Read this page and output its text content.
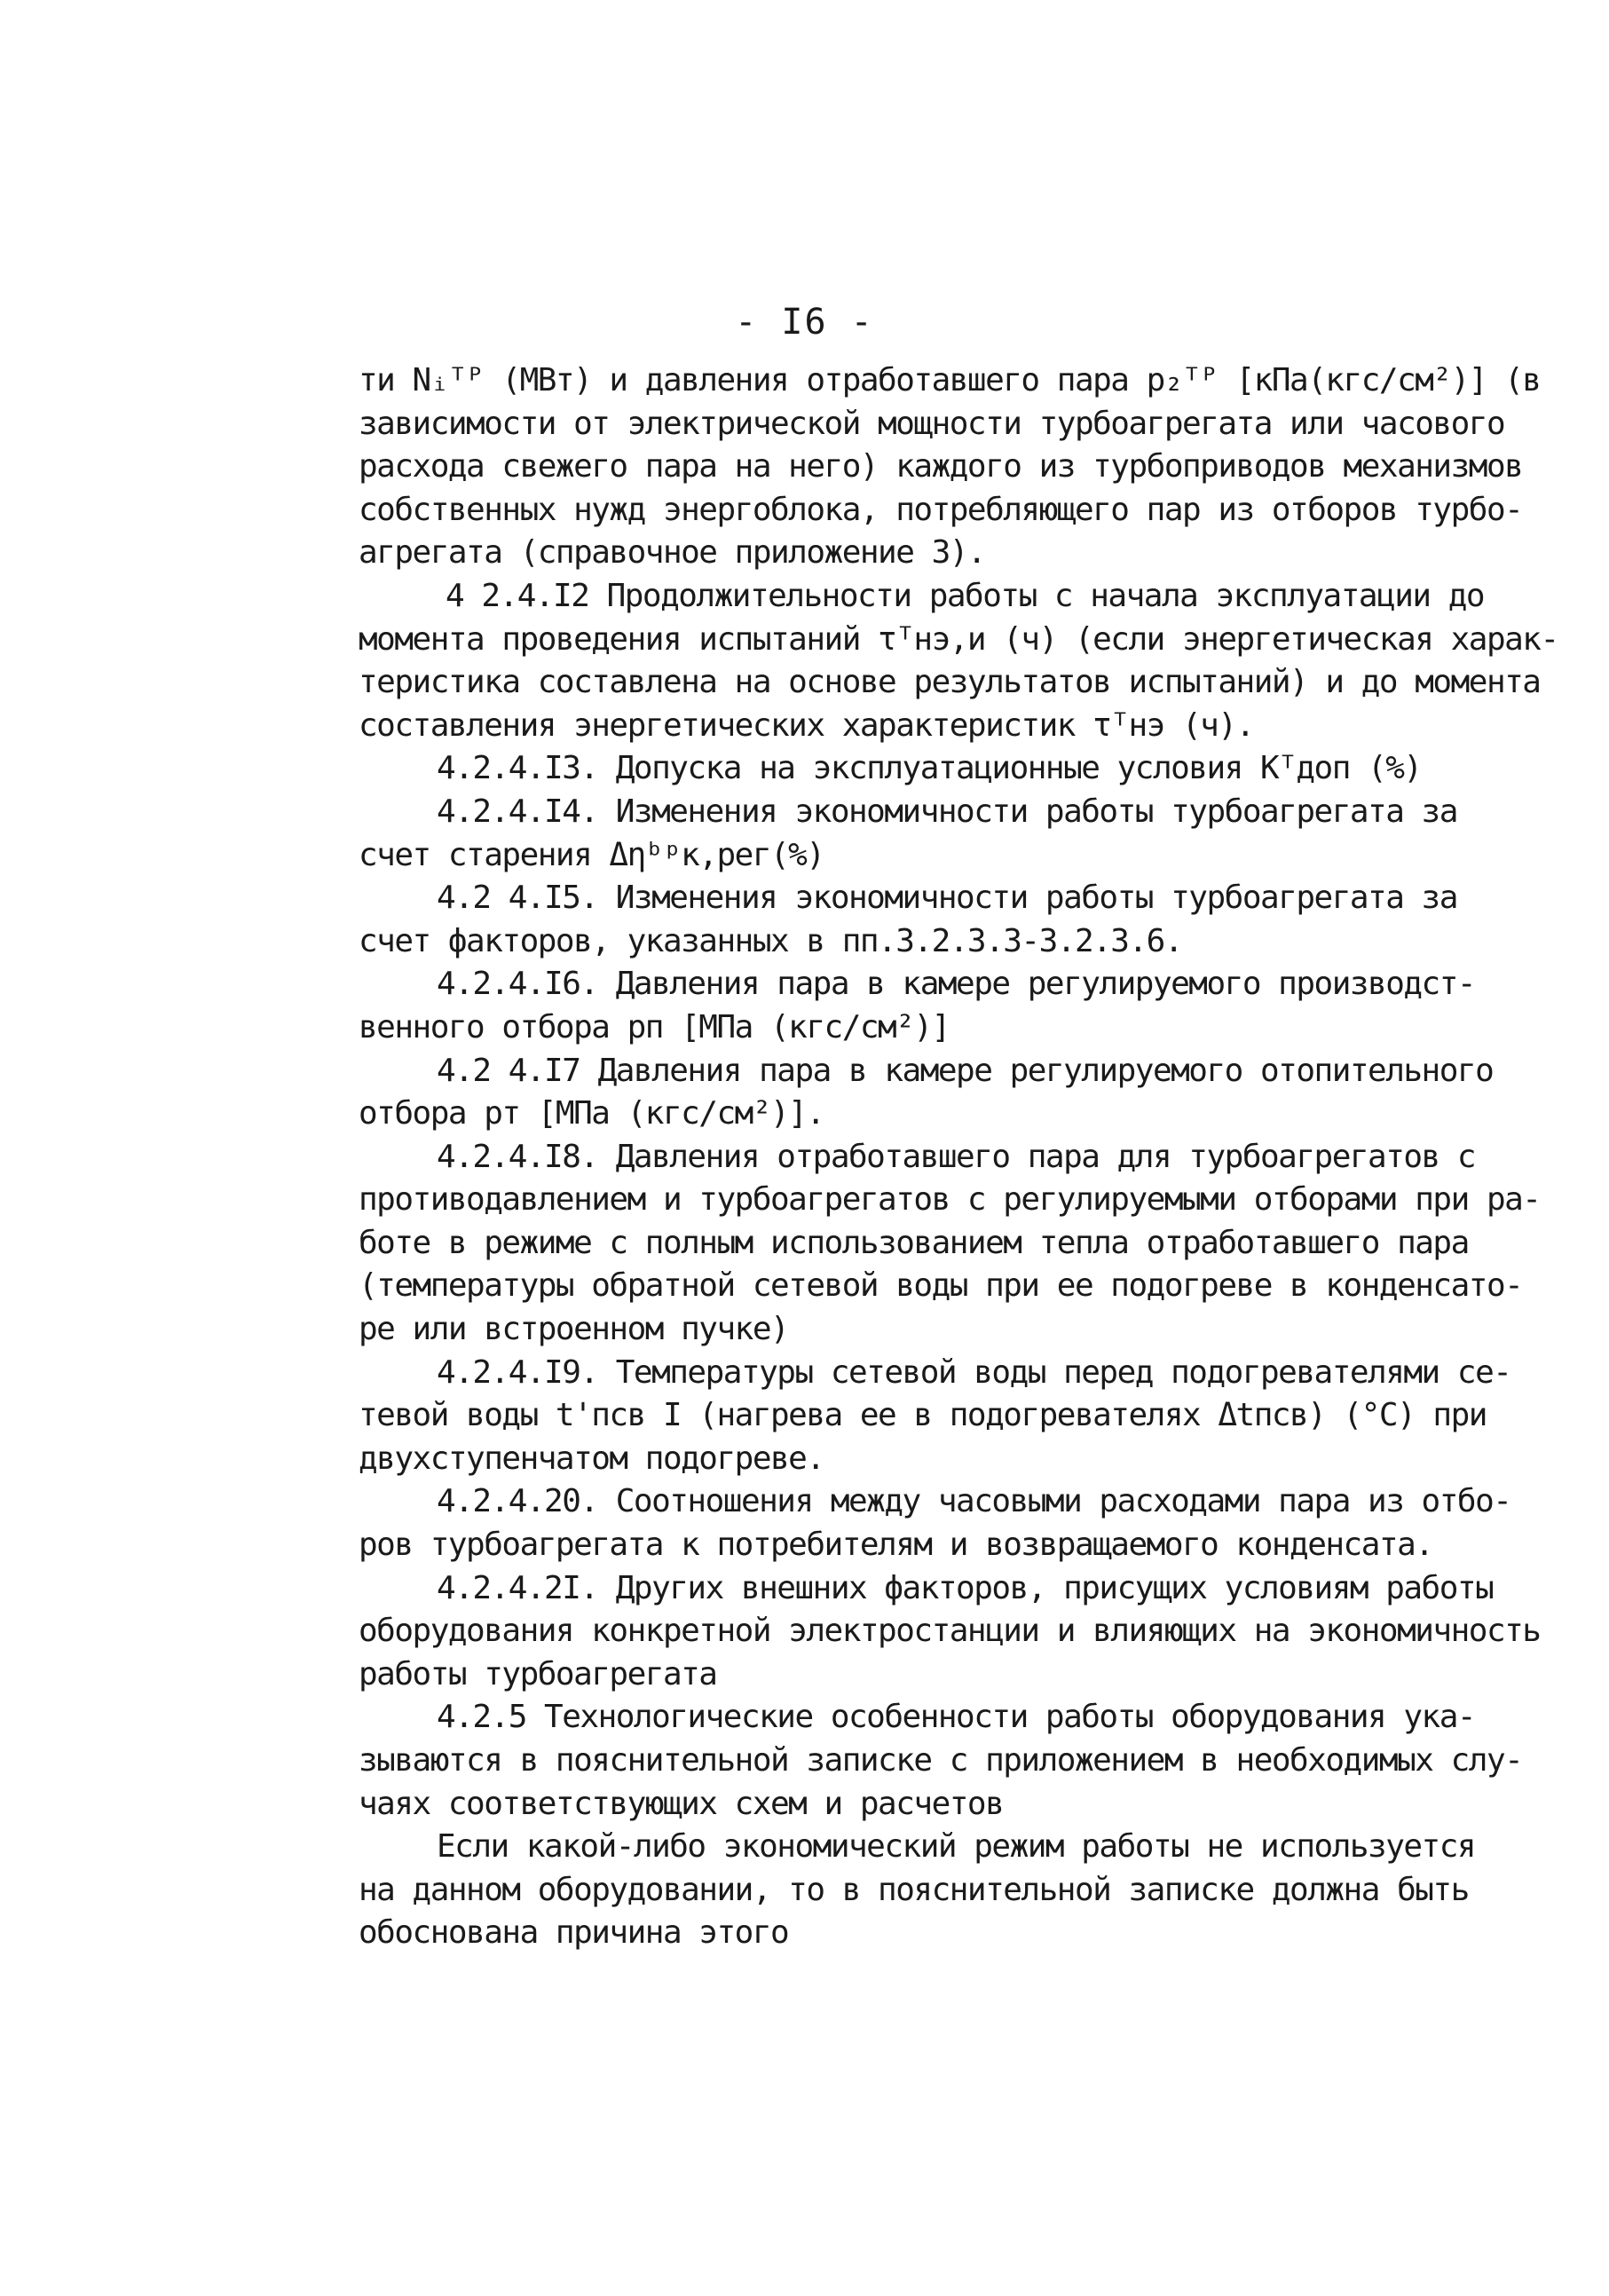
- I6 -
ти Nᵢᵀᴾ (МВт) и давления отработавшего пара p₂ᵀᴾ [кПа(кгс/см²)] (в
зависимости от электрической мощности турбоагрегата или часового
расхода свежего пара на него) каждого из турбоприводов механизмов
собственных нужд энергоблока, потребляющего пар из отборов турбо-
агрегата (справочное приложение 3).
4 2.4.I2 Продолжительности работы с начала эксплуатации до
момента проведения испытаний τᵀнэ,и (ч) (если энергетическая харак-
теристика составлена на основе результатов испытаний) и до момента
составления энергетических характеристик τᵀнэ (ч).
4.2.4.I3. Допуска на эксплуатационные условия Kᵀдоп (%)
4.2.4.I4. Изменения экономичности работы турбоагрегата за
счет старения Δηᵇᵖк,рег(%)
4.2 4.I5. Изменения экономичности работы турбоагрегата за
счет факторов, указанных в пп.3.2.3.3-3.2.3.6.
4.2.4.I6. Давления пара в камере регулируемого производст-
венного отбора pп [МПа (кгс/см²)]
4.2 4.I7 Давления пара в камере регулируемого отопительного
отбора pт [МПа (кгс/см²)].
4.2.4.I8. Давления отработавшего пара для турбоагрегатов с
противодавлением и турбоагрегатов с регулируемыми отборами при ра-
боте в режиме с полным использованием тепла отработавшего пара
(температуры обратной сетевой воды при ее подогреве в конденсато-
ре или встроенном пучке)
4.2.4.I9. Температуры сетевой воды перед подогревателями се-
тевой воды t'псв I (нагрева ее в подогревателях Δtпсв) (°С) при
двухступенчатом подогреве.
4.2.4.20. Соотношения между часовыми расходами пара из отбо-
ров турбоагрегата к потребителям и возвращаемого конденсата.
4.2.4.2I. Других внешних факторов, присущих условиям работы
оборудования конкретной электростанции и влияющих на экономичность
работы турбоагрегата
4.2.5 Технологические особенности работы оборудования ука-
зываются в пояснительной записке с приложением в необходимых слу-
чаях соответствующих схем и расчетов
Если какой-либо экономический режим работы не используется
на данном оборудовании, то в пояснительной записке должна быть
обоснована причина этого
